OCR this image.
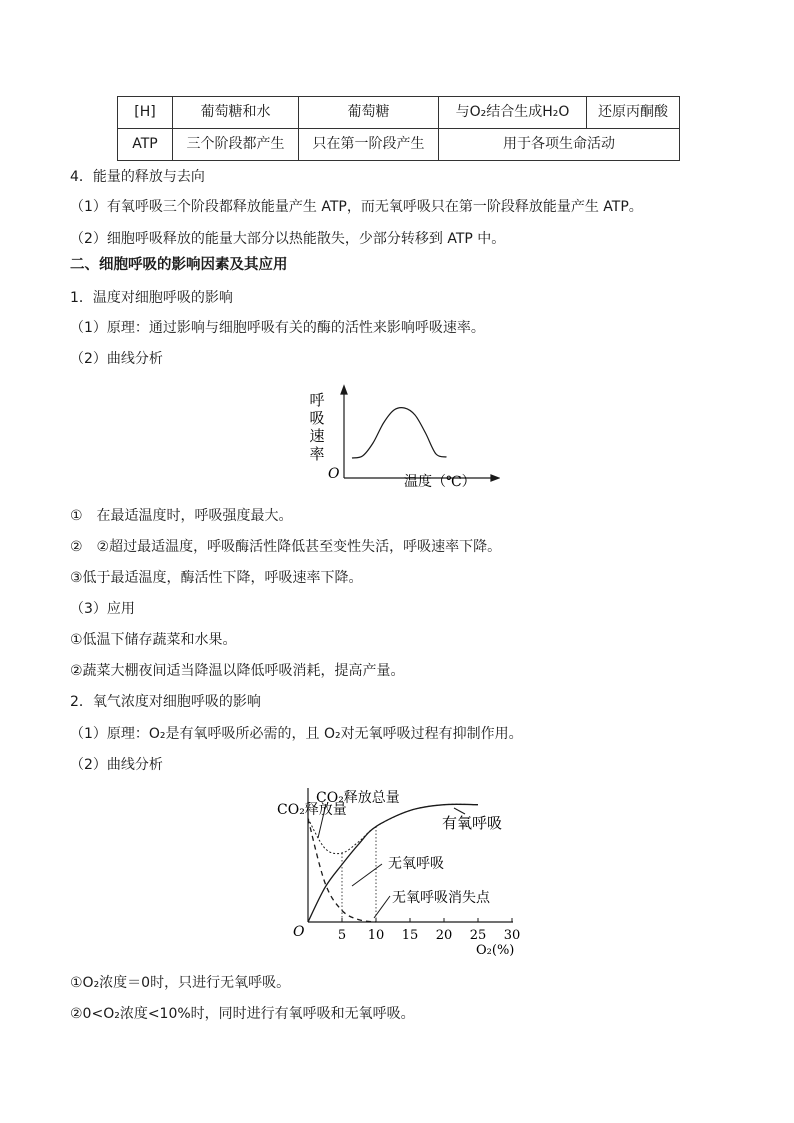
[H]	葡萄糖和水	葡萄糖	与O₂结合生成H₂O	还原丙酮酸
ATP	三个阶段都产生	只在第一阶段产生	用于各项生命活动	
4．能量的释放与去向
（1）有氧呼吸三个阶段都释放能量产生 ATP，而无氧呼吸只在第一阶段释放能量产生 ATP。
（2）细胞呼吸释放的能量大部分以热能散失，少部分转移到 ATP 中。
二、细胞呼吸的影响因素及其应用
1．温度对细胞呼吸的影响
（1）原理：通过影响与细胞呼吸有关的酶的活性来影响呼吸速率。
（2）曲线分析
呼
吸
速
率
O	温度（℃）
①　在最适温度时，呼吸强度最大。
②　②超过最适温度，呼吸酶活性降低甚至变性失活，呼吸速率下降。
③低于最适温度，酶活性下降，呼吸速率下降。
（3）应用
①低温下储存蔬菜和水果。
②蔬菜大棚夜间适当降温以降低呼吸消耗，提高产量。
2．氧气浓度对细胞呼吸的影响
（1）原理：O₂是有氧呼吸所必需的，且 O₂对无氧呼吸过程有抑制作用。
（2）曲线分析
5 10 15 20 25 30
CO₂释放量
O
O₂(%)
CO₂释放总量
有氧呼吸
无氧呼吸
无氧呼吸消失点
①O₂浓度＝0时，只进行无氧呼吸。
②0<O₂浓度<10%时，同时进行有氧呼吸和无氧呼吸。
